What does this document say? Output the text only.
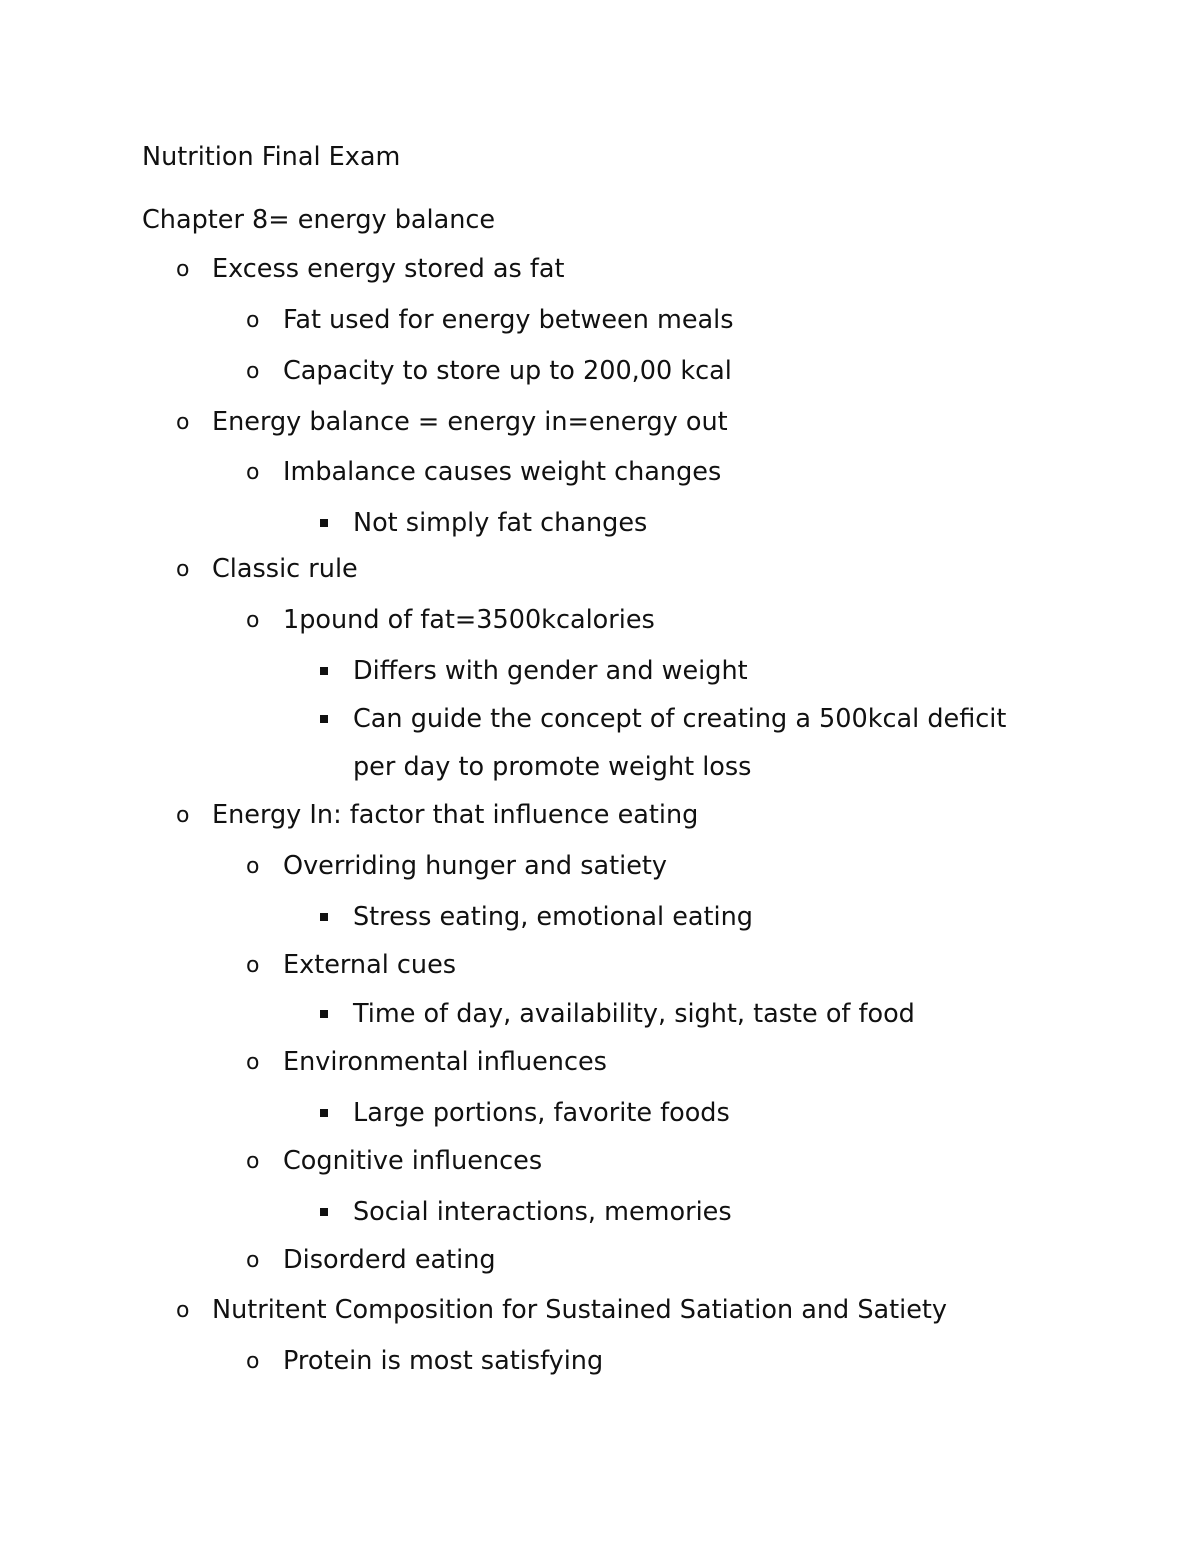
Nutrition Final Exam
Chapter 8= energy balance
o Excess energy stored as fat
o Fat used for energy between meals
o Capacity to store up to 200,00 kcal
o Energy balance = energy in=energy out
o Imbalance causes weight changes
Not simply fat changes
o Classic rule
o 1pound of fat=3500kcalories
Differs with gender and weight
Can guide the concept of creating a 500kcal deficit
per day to promote weight loss
o Energy In: factor that influence eating
o Overriding hunger and satiety
Stress eating, emotional eating
o External cues
Time of day, availability, sight, taste of food
o Environmental influences
Large portions, favorite foods
o Cognitive influences
Social interactions, memories
o Disorderd eating
o Nutritent Composition for Sustained Satiation and Satiety
o Protein is most satisfying
